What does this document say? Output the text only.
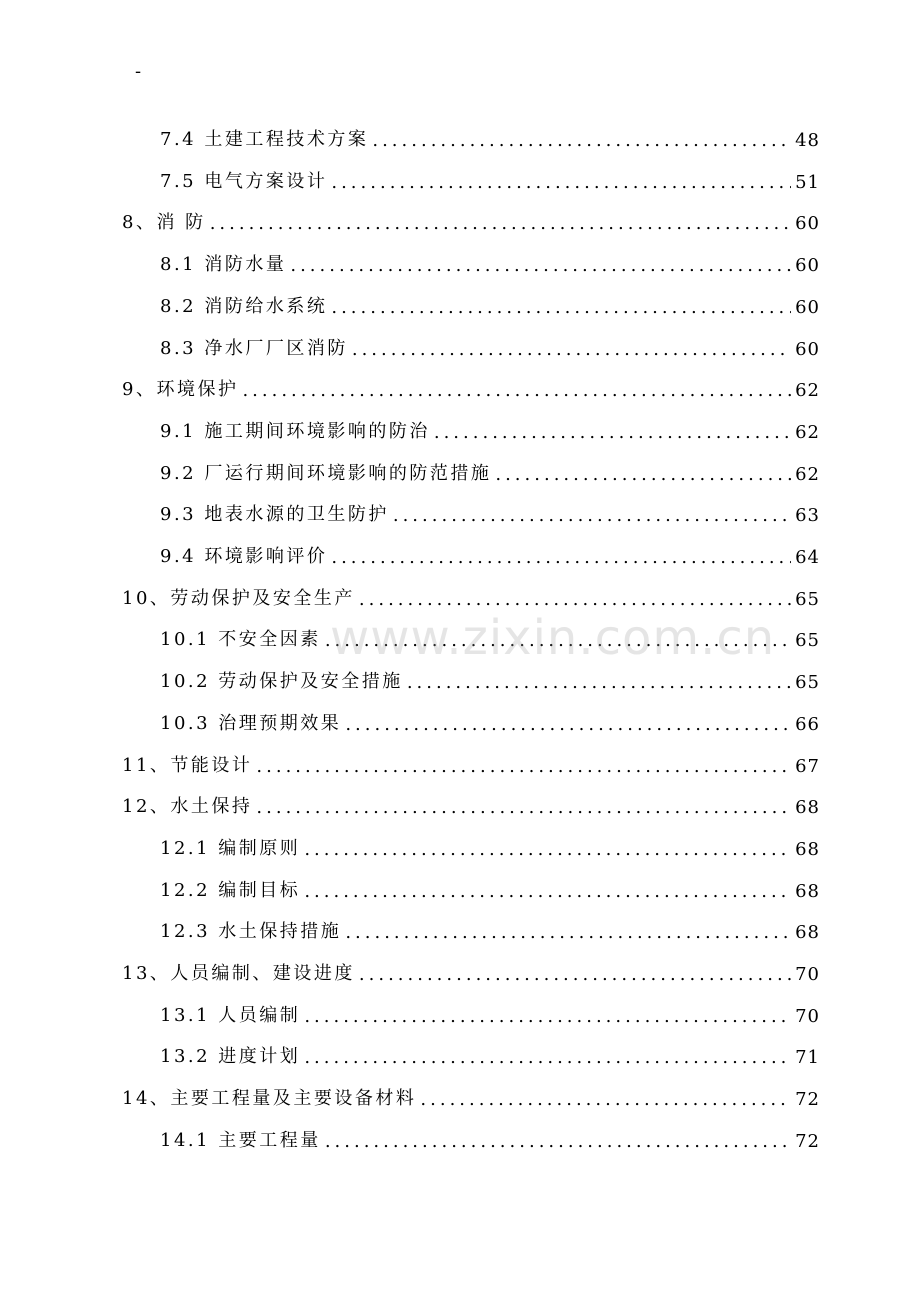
-
7.4 土建工程技术方案 .....	48
7.5 电气方案设计 .....	51
8、消 防 .....	60
8.1 消防水量 .....	60
8.2 消防给水系统 .....	60
8.3 净水厂厂区消防 .....	60
9、环境保护 .....	62
9.1 施工期间环境影响的防治 .....	62
9.2 厂运行期间环境影响的防范措施 .....	62
9.3 地表水源的卫生防护 .....	63
9.4 环境影响评价 .....	64
10、劳动保护及安全生产 .....	65
10.1 不安全因素 .....	65
10.2 劳动保护及安全措施 .....	65
10.3 治理预期效果 .....	66
11、节能设计 .....	67
12、水土保持 .....	68
12.1 编制原则 .....	68
12.2 编制目标 .....	68
12.3 水土保持措施 .....	68
13、人员编制、建设进度 .....	70
13.1 人员编制 .....	70
13.2 进度计划 .....	71
14、主要工程量及主要设备材料 .....	72
14.1 主要工程量 .....	72
www.zixin.com.cn
